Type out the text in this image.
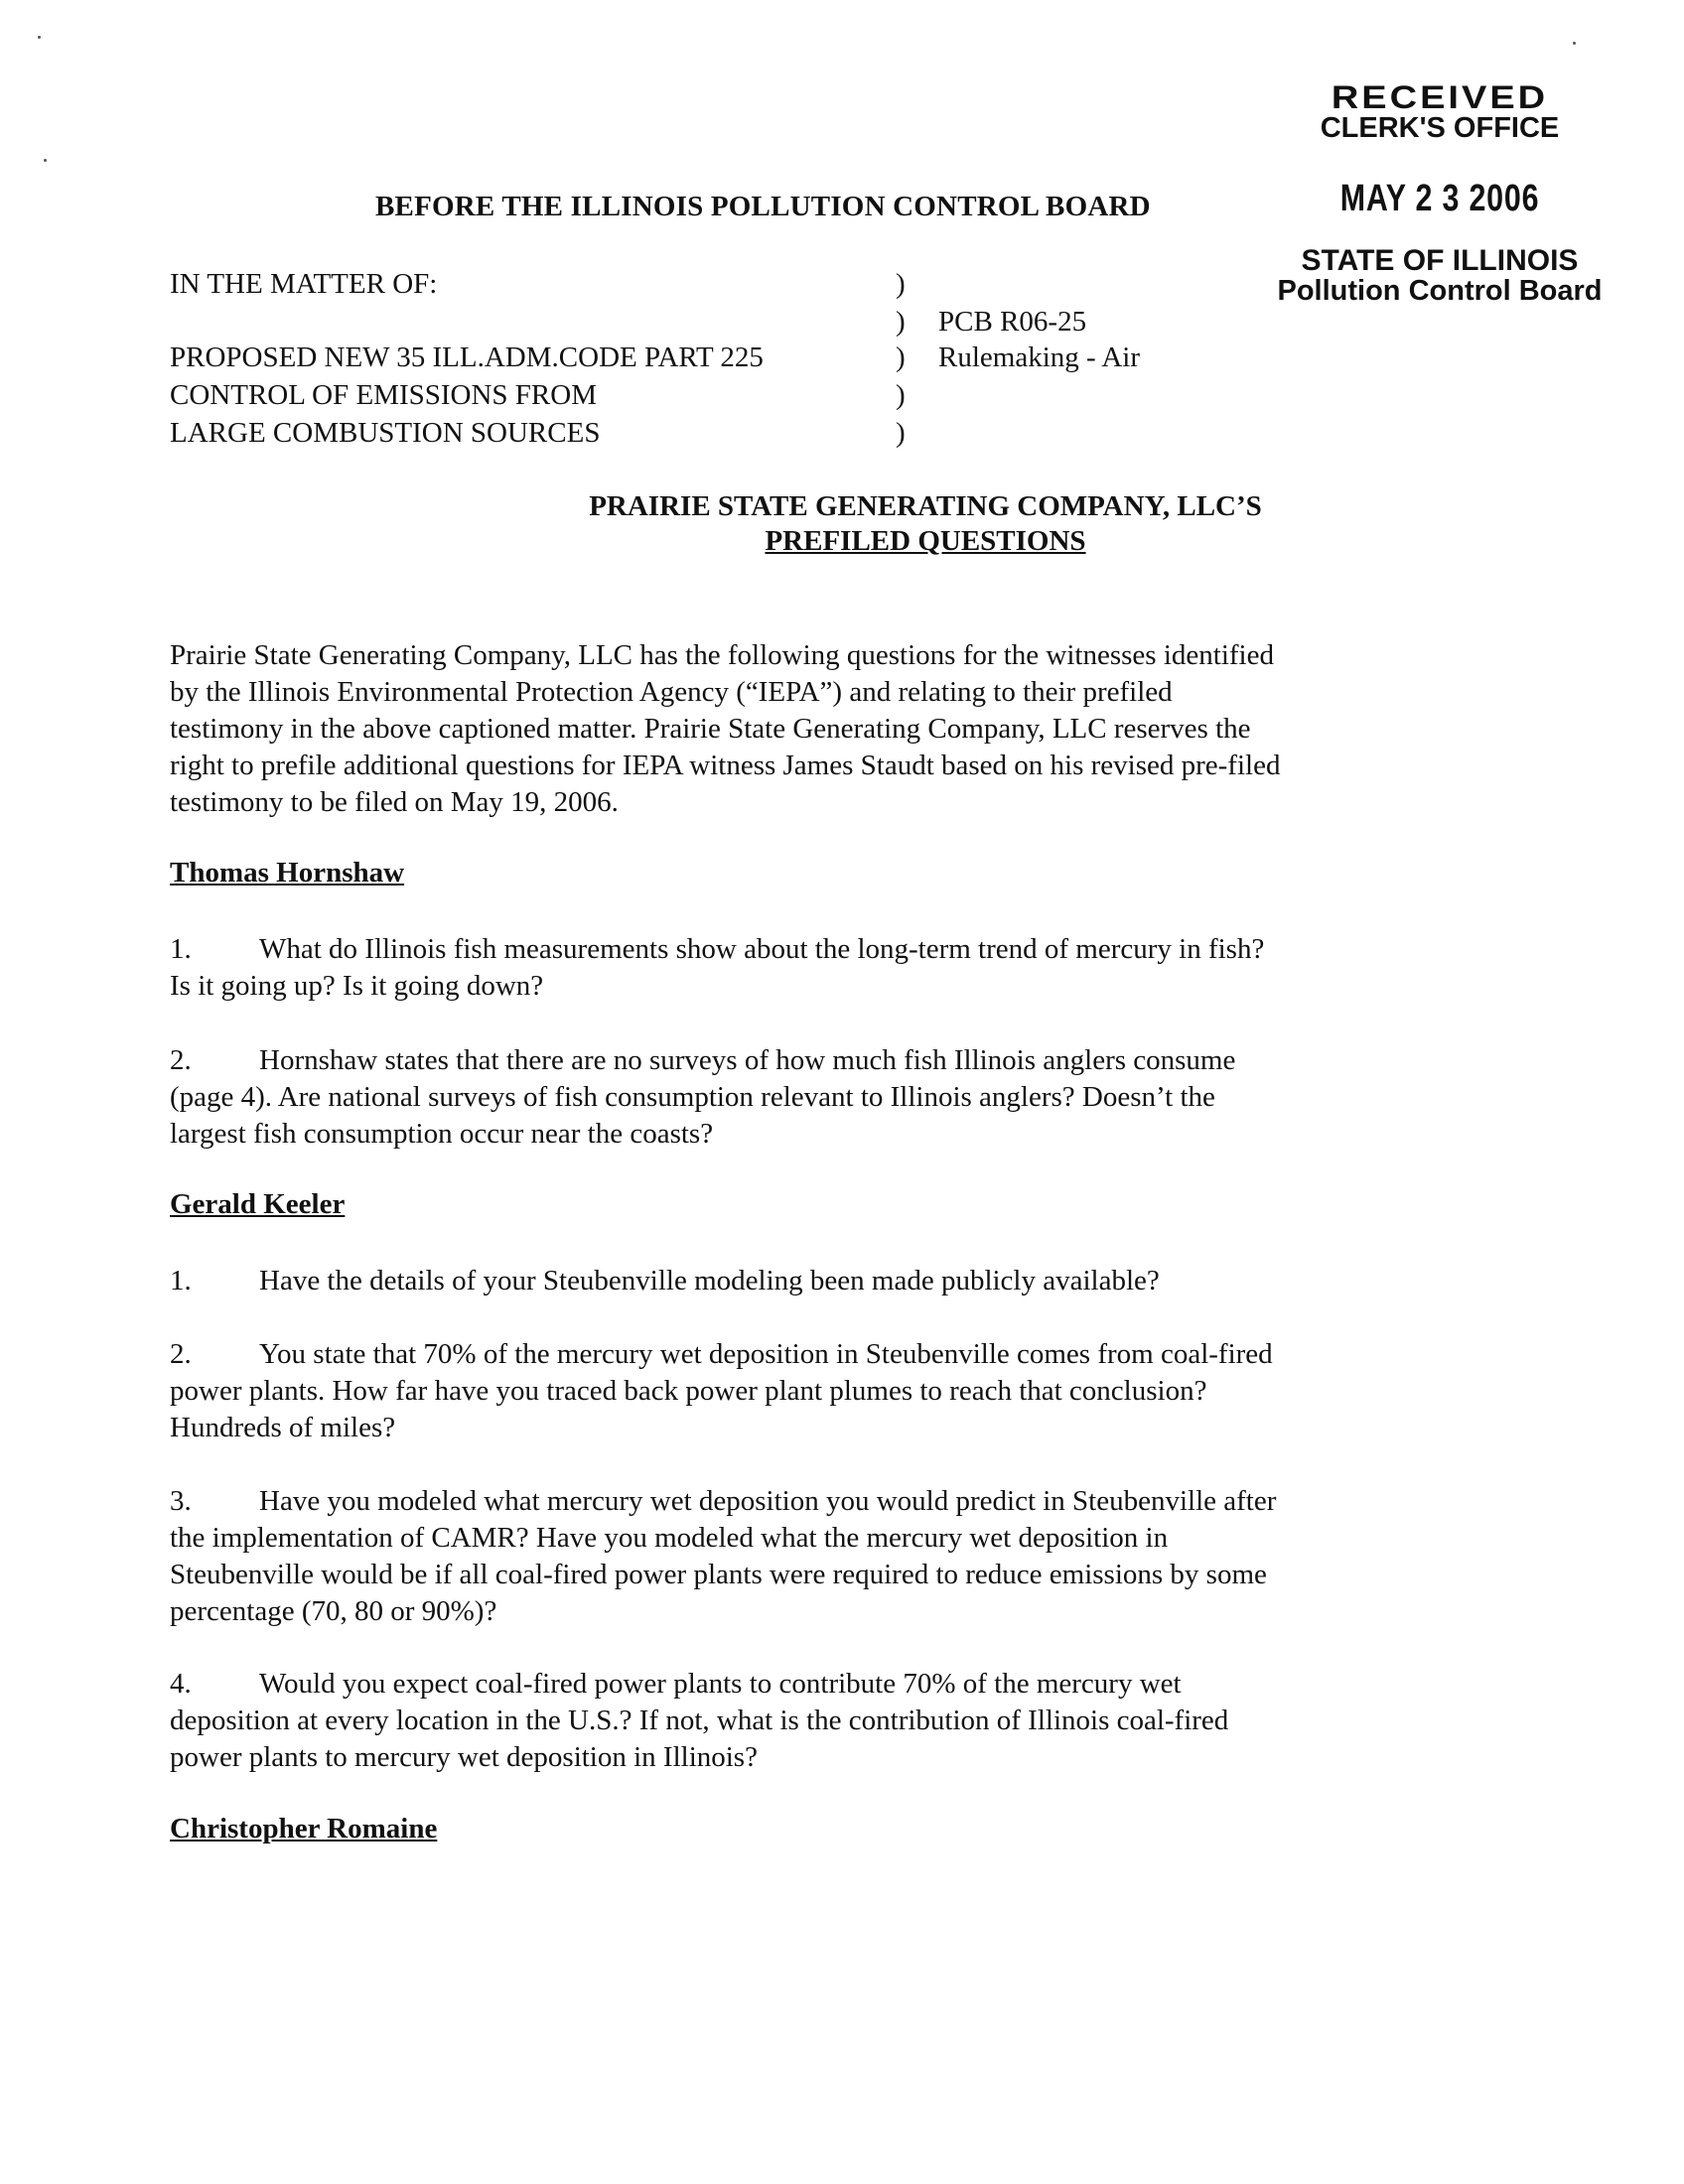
RECEIVED
CLERK'S OFFICE
MAY 2 3 2006
STATE OF ILLINOIS
Pollution Control Board
BEFORE THE ILLINOIS POLLUTION CONTROL BOARD
IN THE MATTER OF:
PROPOSED NEW 35 ILL.ADM.CODE PART 225
CONTROL OF EMISSIONS FROM
LARGE COMBUSTION SOURCES
)
)
)
)
)
PCB R06-25
Rulemaking - Air
PRAIRIE STATE GENERATING COMPANY, LLC’S
PREFILED QUESTIONS

Prairie State Generating Company, LLC has the following questions for the witnesses identified

by the Illinois Environmental Protection Agency (“IEPA”) and relating to their prefiled

testimony in the above captioned matter. Prairie State Generating Company, LLC reserves the

right to prefile additional questions for IEPA witness James Staudt based on his revised pre-filed

testimony to be filed on May 19, 2006.

Thomas Hornshaw

1. What do Illinois fish measurements show about the long-term trend of mercury in fish?

Is it going up? Is it going down?

2. Hornshaw states that there are no surveys of how much fish Illinois anglers consume

(page 4). Are national surveys of fish consumption relevant to Illinois anglers? Doesn’t the

largest fish consumption occur near the coasts?

Gerald Keeler

1. Have the details of your Steubenville modeling been made publicly available?

2. You state that 70% of the mercury wet deposition in Steubenville comes from coal-fired

power plants. How far have you traced back power plant plumes to reach that conclusion?

Hundreds of miles?

3. Have you modeled what mercury wet deposition you would predict in Steubenville after

the implementation of CAMR? Have you modeled what the mercury wet deposition in

Steubenville would be if all coal-fired power plants were required to reduce emissions by some

percentage (70, 80 or 90%)?

4. Would you expect coal-fired power plants to contribute 70% of the mercury wet

deposition at every location in the U.S.? If not, what is the contribution of Illinois coal-fired

power plants to mercury wet deposition in Illinois?

Christopher Romaine
